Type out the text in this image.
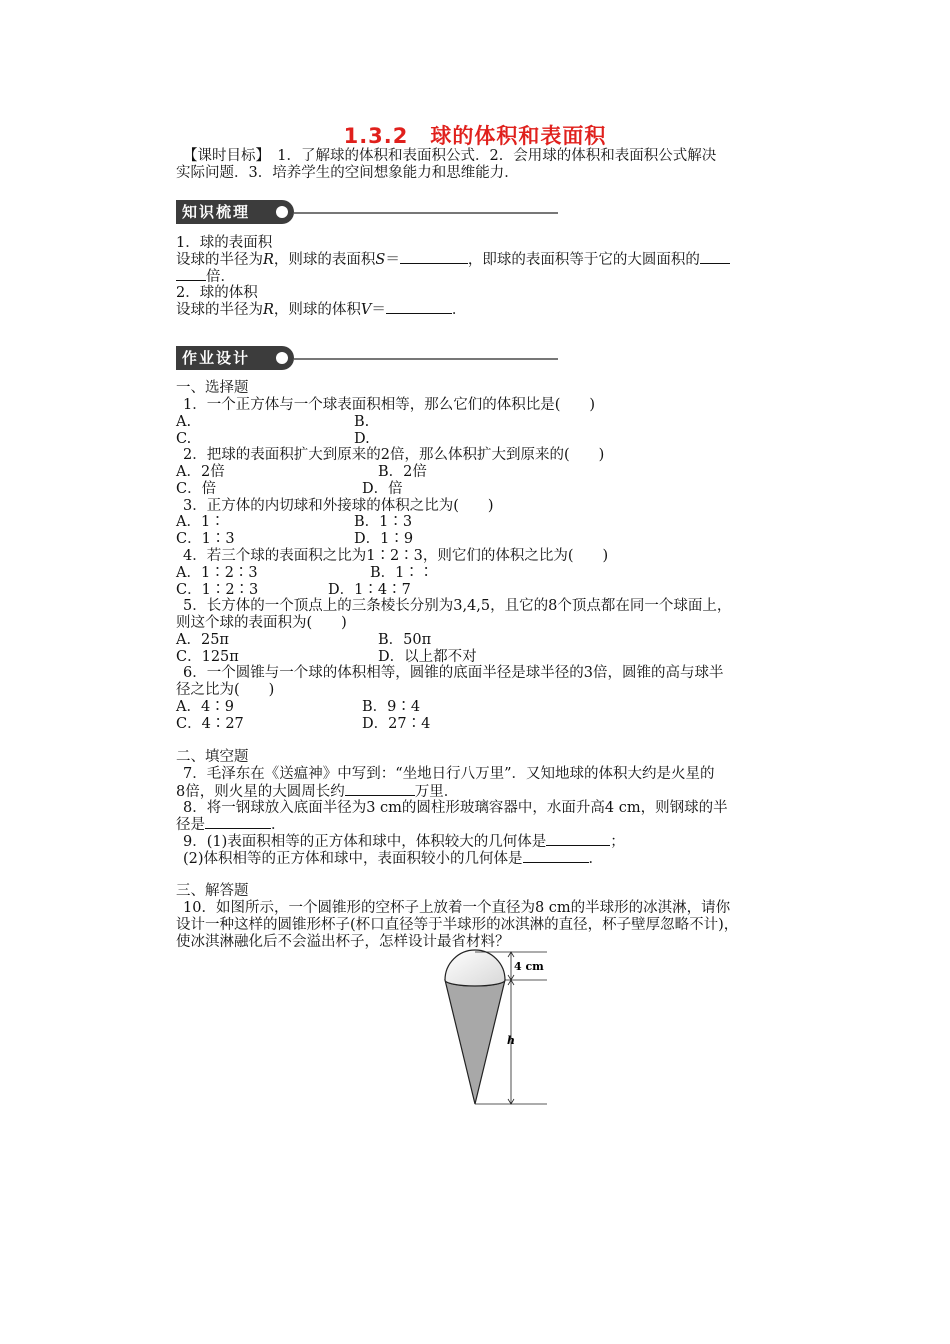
1.3.2　球的体积和表面积
【课时目标】　1．了解球的体积和表面积公式．2．会用球的体积和表面积公式解决
实际问题．3．培养学生的空间想象能力和思维能力．
知识梳理
1．球的表面积
设球的半径为R，则球的表面积S＝	，即球的表面积等于它的大圆面积的
倍．
2．球的体积
设球的半径为R，则球的体积V＝	．
作业设计
一、选择题
1．一个正方体与一个球表面积相等，那么它们的体积比是(　　)
A.	B.
C.	D.
2．把球的表面积扩大到原来的2倍，那么体积扩大到原来的(　　)
A．2倍	B．2倍
C．倍	D．倍
3．正方体的内切球和外接球的体积之比为(　　)
A．1∶	B．1∶3
C．1∶3	D．1∶9
4．若三个球的表面积之比为1∶2∶3，则它们的体积之比为(　　)
A．1∶2∶3	B．1∶∶
C．1∶2∶3	D．1∶4∶7
5．长方体的一个顶点上的三条棱长分别为3,4,5，且它的8个顶点都在同一个球面上，
则这个球的表面积为(　　)
A．25π	B．50π
C．125π	D．以上都不对
6．一个圆锥与一个球的体积相等，圆锥的底面半径是球半径的3倍，圆锥的高与球半
径之比为(　　)
A．4∶9	B．9∶4
C．4∶27	D．27∶4
二、填空题
7．毛泽东在《送瘟神》中写到：“坐地日行八万里”．又知地球的体积大约是火星的
8倍，则火星的大圆周长约	万里．
8．将一钢球放入底面半径为3 cm的圆柱形玻璃容器中，水面升高4 cm，则钢球的半
径是	．
9．(1)表面积相等的正方体和球中，体积较大的几何体是	；
(2)体积相等的正方体和球中，表面积较小的几何体是	．
三、解答题
10．如图所示，一个圆锥形的空杯子上放着一个直径为8 cm的半球形的冰淇淋，请你
设计一种这样的圆锥形杯子(杯口直径等于半球形的冰淇淋的直径，杯子壁厚忽略不计)，
使冰淇淋融化后不会溢出杯子，怎样设计最省材料？
4 cm
h
